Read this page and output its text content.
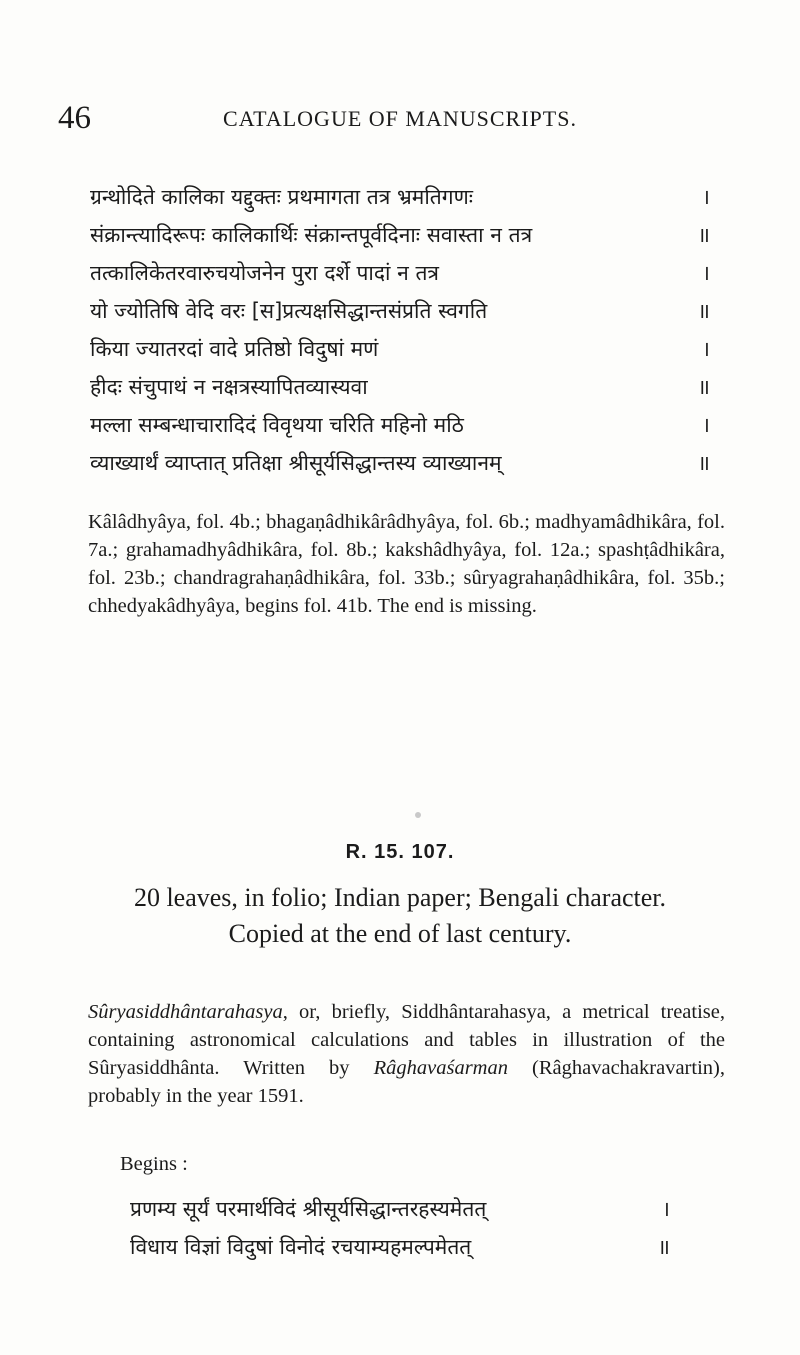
46	CATALOGUE OF MANUSCRIPTS.
।
ग्रन्थोदिते कालिका यद्दुक्तः प्रथमागता तत्र भ्रमतिगणः
॥
संक्रान्त्यादिरूपः कालिकार्थिः संक्रान्तपूर्वदिनाः सवास्ता न तत्र
।
तत्कालिकेतरवारुचयोजनेन पुरा दर्शे पादां न तत्र
॥
यो ज्योतिषि वेदि वरः [स]प्रत्यक्षसिद्धान्तसंप्रति स्वगति
।
किया ज्यातरदां वादे प्रतिष्ठो विदुषां मणं
॥
हीदः संचुपाथं न नक्षत्रस्यापितव्यास्यवा
।
मल्ला सम्बन्धाचारादिदं विवृथया चरिति महिनो मठि
॥
व्याख्यार्थं व्याप्तात् प्रतिक्षा श्रीसूर्यसिद्धान्तस्य व्याख्यानम्

Kâlâdhyâya, fol. 4b.; bhagaṇâdhikârâdhyâya, fol. 6b.; madhyamâdhikâra, fol. 7a.; grahamadhyâdhikâra, fol. 8b.; kakshâdhyâya, fol. 12a.; spashṭâdhikâra, fol. 23b.; chandragrahaṇâdhikâra, fol. 33b.; sûryagrahaṇâdhikâra, fol. 35b.; chhedyakâdhyâya, begins fol. 41b. The end is missing.

R. 15. 107.

20 leaves, in folio; Indian paper; Bengali character.

Copied at the end of last century.

Sûryasiddhântarahasya, or, briefly, Siddhântarahasya, a metrical treatise, containing astronomical calculations and tables in illustration of the Sûryasiddhânta. Written by Râghavaśarman (Râghavachakravartin), probably in the year 1591.

Begins :
।
प्रणम्य सूर्यं परमार्थविदं श्रीसूर्यसिद्धान्तरहस्यमेतत्
॥
विधाय विज्ञां विदुषां विनोदं रचयाम्यहमल्पमेतत्
